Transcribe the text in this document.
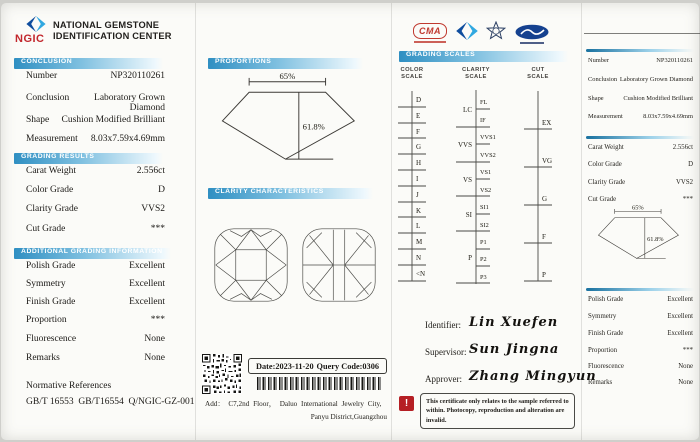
NGIC
NATIONAL GEMSTONE
IDENTIFICATION CENTER
CONCLUSION
Number	NP320110261
Conclusion	Laboratory Grown Diamond
Shape Cushion Modified Brilliant
Measurement 8.03x7.59x4.69mm
GRADING RESULTS
Carat Weight	2.556ct
Color Grade	D
Clarity Grade	VVS2
Cut Grade	***
ADDITIONAL GRADING INFORMATION
Polish Grade	Excellent
Symmetry	Excellent
Finish Grade	Excellent
Proportion	***
Fluorescence	None
Remarks	None
Normative References
GB/T 16553  GB/T16554  Q/NGIC-GZ-001
PROPORTIONS
65%
61.8%
CLARITY CHARACTERISTICS
Date:2023-11-20 Query Code:0306
Add： C7,2nd Floor， Daluo International Jewelry City,
Panyu District,Guangzhou
CMA
GRADING SCALES
COLOR
SCALE
CLARITY
SCALE
CUT
SCALE
D
E
F
G
H
I
J
K
L
M
N
<N
LC
VVS
VS
SI
P
FL
IF
VVS1
VVS2
VS1
VS2
SI1
SI2
P1
P2
P3
EX
VG
G
F
P
Identifier: Lin Xuefen
Supervisor: Sun Jingna
Approver: Zhang Mingyun
!	This certificate only relates to the sample referred to within. Photocopy, reproduction and alteration are invalid.
Number	NP320110261
Conclusion Laboratory Grown Diamond
Shape	Cushion Modified Brilliant
Measurement	8.03x7.59x4.69mm
Carat Weight	2.556ct
Color Grade	D
Clarity Grade	VVS2
Cut Grade	***
65%
61.8%
Polish Grade	Excellent
Symmetry	Excellent
Finish Grade	Excellent
Proportion	***
Fluorescence	None
Remarks	None
